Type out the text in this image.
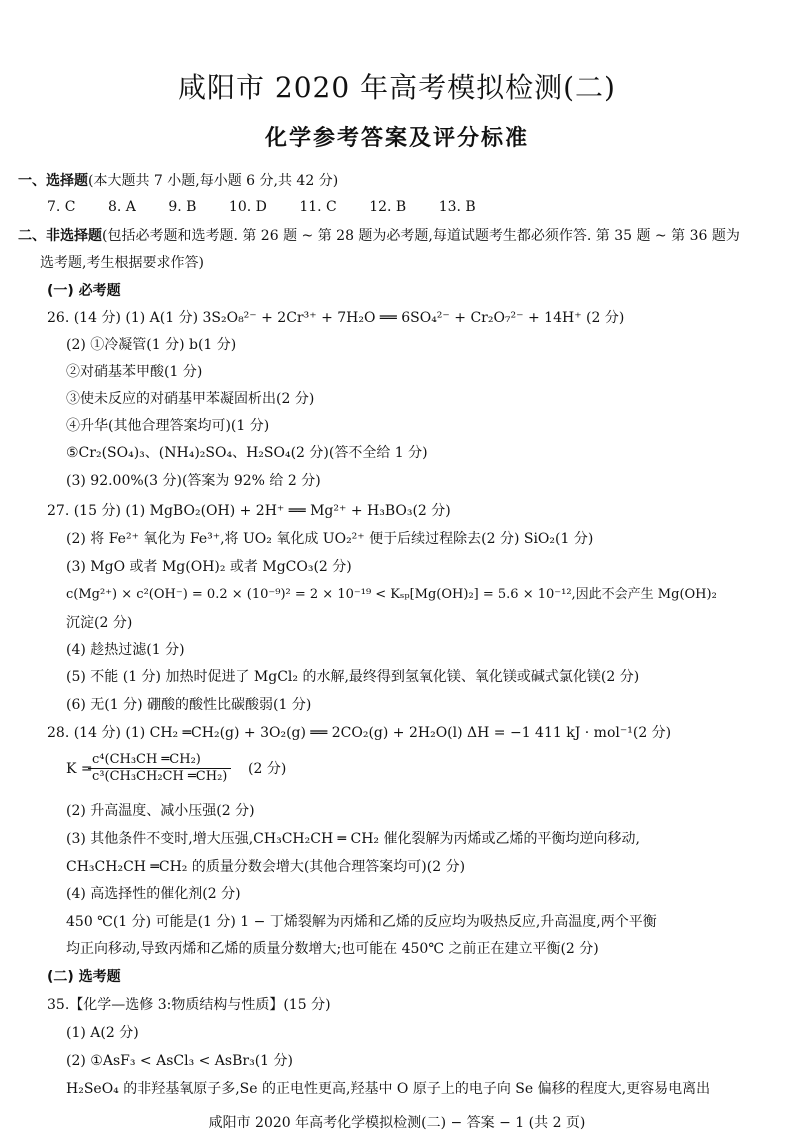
咸阳市 2020 年高考模拟检测(二)
化学参考答案及评分标准
一、选择题(本大题共 7 小题,每小题 6 分,共 42 分)
7. C 8. A 9. B 10. D 11. C 12. B 13. B
二、非选择题(包括必考题和选考题. 第 26 题 ~ 第 28 题为必考题,每道试题考生都必须作答. 第 35 题 ~ 第 36 题为
选考题,考生根据要求作答)
(一) 必考题
26. (14 分) (1) A(1 分) 3S₂O₈²⁻ + 2Cr³⁺ + 7H₂O ══ 6SO₄²⁻ + Cr₂O₇²⁻ + 14H⁺ (2 分)
(2) ①冷凝管(1 分) b(1 分)
②对硝基苯甲酸(1 分)
③使未反应的对硝基甲苯凝固析出(2 分)
④升华(其他合理答案均可)(1 分)
⑤Cr₂(SO₄)₃、(NH₄)₂SO₄、H₂SO₄(2 分)(答不全给 1 分)
(3) 92.00%(3 分)(答案为 92% 给 2 分)
27. (15 分) (1) MgBO₂(OH) + 2H⁺ ══ Mg²⁺ + H₃BO₃(2 分)
(2) 将 Fe²⁺ 氧化为 Fe³⁺,将 UO₂ 氧化成 UO₂²⁺ 便于后续过程除去(2 分) SiO₂(1 分)
(3) MgO 或者 Mg(OH)₂ 或者 MgCO₃(2 分)
c(Mg²⁺) × c²(OH⁻) = 0.2 × (10⁻⁹)² = 2 × 10⁻¹⁹ < Kₛₚ[Mg(OH)₂] = 5.6 × 10⁻¹²,因此不会产生 Mg(OH)₂
沉淀(2 分)
(4) 趁热过滤(1 分)
(5) 不能 (1 分) 加热时促进了 MgCl₂ 的水解,最终得到氢氧化镁、氧化镁或碱式氯化镁(2 分)
(6) 无(1 分) 硼酸的酸性比碳酸弱(1 分)
28. (14 分) (1) CH₂ ═CH₂(g) + 3O₂(g) ══ 2CO₂(g) + 2H₂O(l) ΔH = −1 411 kJ · mol⁻¹(2 分)
K =
$\frac{\text{c⁴(CH₃CH ═CH₂)}}{\text{c³(CH₃CH₂CH ═CH₂)}} (2$ 分)
(2) 升高温度、减小压强(2 分)
(3) 其他条件不变时,增大压强,CH₃CH₂CH ═ CH₂ 催化裂解为丙烯或乙烯的平衡均逆向移动,
CH₃CH₂CH ═CH₂ 的质量分数会增大(其他合理答案均可)(2 分)
(4) 高选择性的催化剂(2 分)
450 ℃(1 分) 可能是(1 分) 1 − 丁烯裂解为丙烯和乙烯的反应均为吸热反应,升高温度,两个平衡
均正向移动,导致丙烯和乙烯的质量分数增大;也可能在 450℃ 之前正在建立平衡(2 分)
(二) 选考题
35.【化学—选修 3:物质结构与性质】(15 分)
(1) A(2 分)
(2) ①AsF₃ < AsCl₃ < AsBr₃(1 分)
H₂SeO₄ 的非羟基氧原子多,Se 的正电性更高,羟基中 O 原子上的电子向 Se 偏移的程度大,更容易电离出
咸阳市 2020 年高考化学模拟检测(二) − 答案 − 1 (共 2 页)
